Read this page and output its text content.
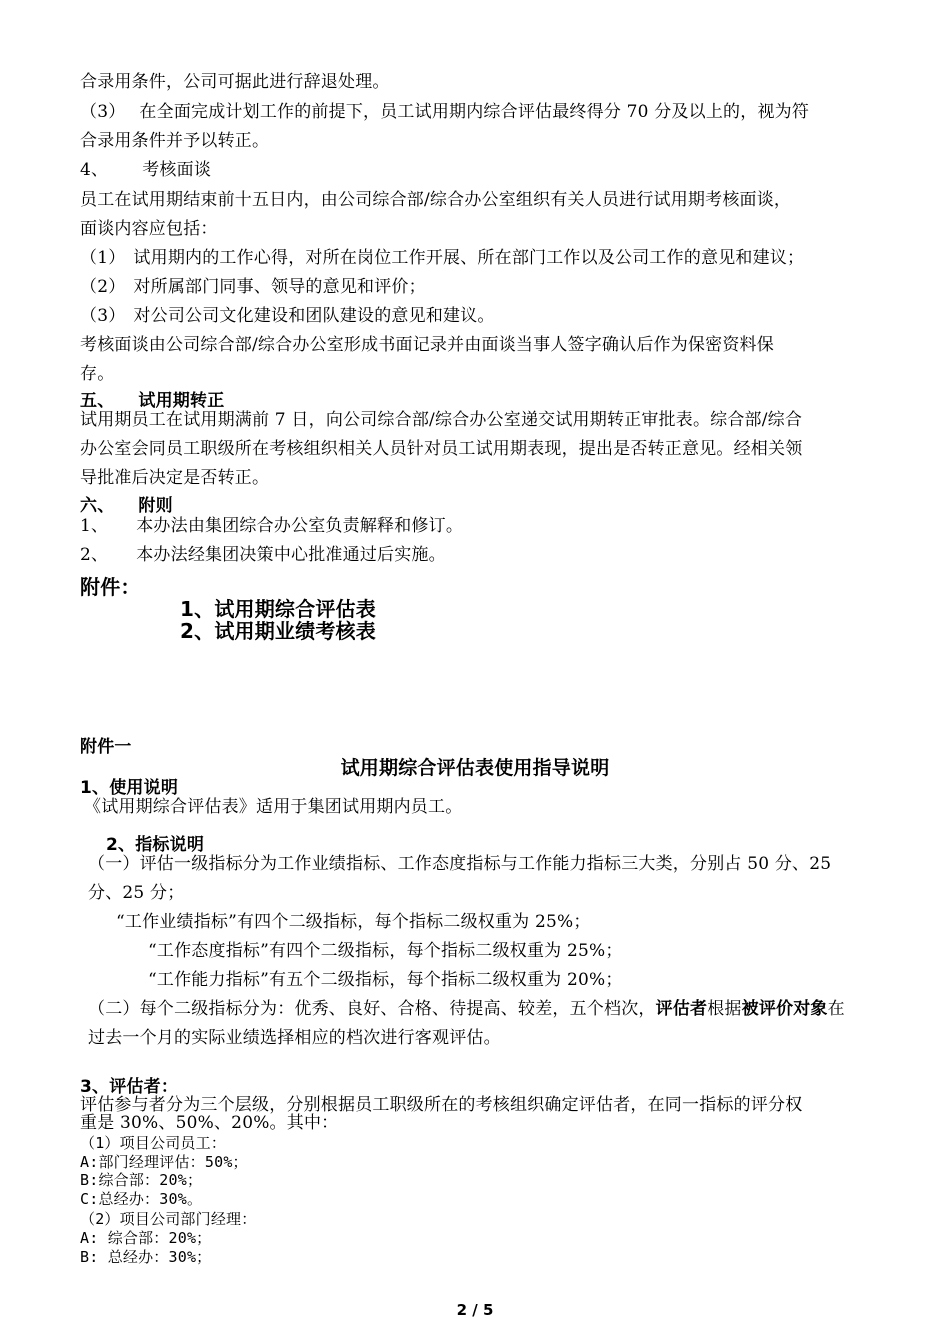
合录用条件，公司可据此进行辞退处理。
（3） 在全面完成计划工作的前提下，员工试用期内综合评估最终得分 70 分及以上的，视为符
合录用条件并予以转正。
4、 考核面谈
员工在试用期结束前十五日内，由公司综合部/综合办公室组织有关人员进行试用期考核面谈，
面谈内容应包括：
（1） 试用期内的工作心得，对所在岗位工作开展、所在部门工作以及公司工作的意见和建议；
（2） 对所属部门同事、领导的意见和评价；
（3） 对公司公司文化建设和团队建设的意见和建议。
考核面谈由公司综合部/综合办公室形成书面记录并由面谈当事人签字确认后作为保密资料保
存。
五、 试用期转正
试用期员工在试用期满前 7 日，向公司综合部/综合办公室递交试用期转正审批表。综合部/综合
办公室会同员工职级所在考核组织相关人员针对员工试用期表现，提出是否转正意见。经相关领
导批准后决定是否转正。
六、 附则
1、 本办法由集团综合办公室负责解释和修订。
2、 本办法经集团决策中心批准通过后实施。
附件：
1、试用期综合评估表
2、试用期业绩考核表
附件一
试用期综合评估表使用指导说明
1、使用说明
《试用期综合评估表》适用于集团试用期内员工。
2、指标说明
（一）评估一级指标分为工作业绩指标、工作态度指标与工作能力指标三大类，分别占 50 分、25
分、25 分；
“工作业绩指标”有四个二级指标，每个指标二级权重为 25%；
“工作态度指标”有四个二级指标，每个指标二级权重为 25%；
“工作能力指标”有五个二级指标，每个指标二级权重为 20%；
（二）每个二级指标分为：优秀、良好、合格、待提高、较差，五个档次，评估者根据被评价对象在
过去一个月的实际业绩选择相应的档次进行客观评估。
3、评估者：
评估参与者分为三个层级，分别根据员工职级所在的考核组织确定评估者，在同一指标的评分权
重是 30%、50%、20%。其中：
（1）项目公司员工：
A:部门经理评估：50%；
B:综合部：20%；
C:总经办：30%。
（2）项目公司部门经理：
A: 综合部：20%；
B: 总经办：30%；
2 / 5
